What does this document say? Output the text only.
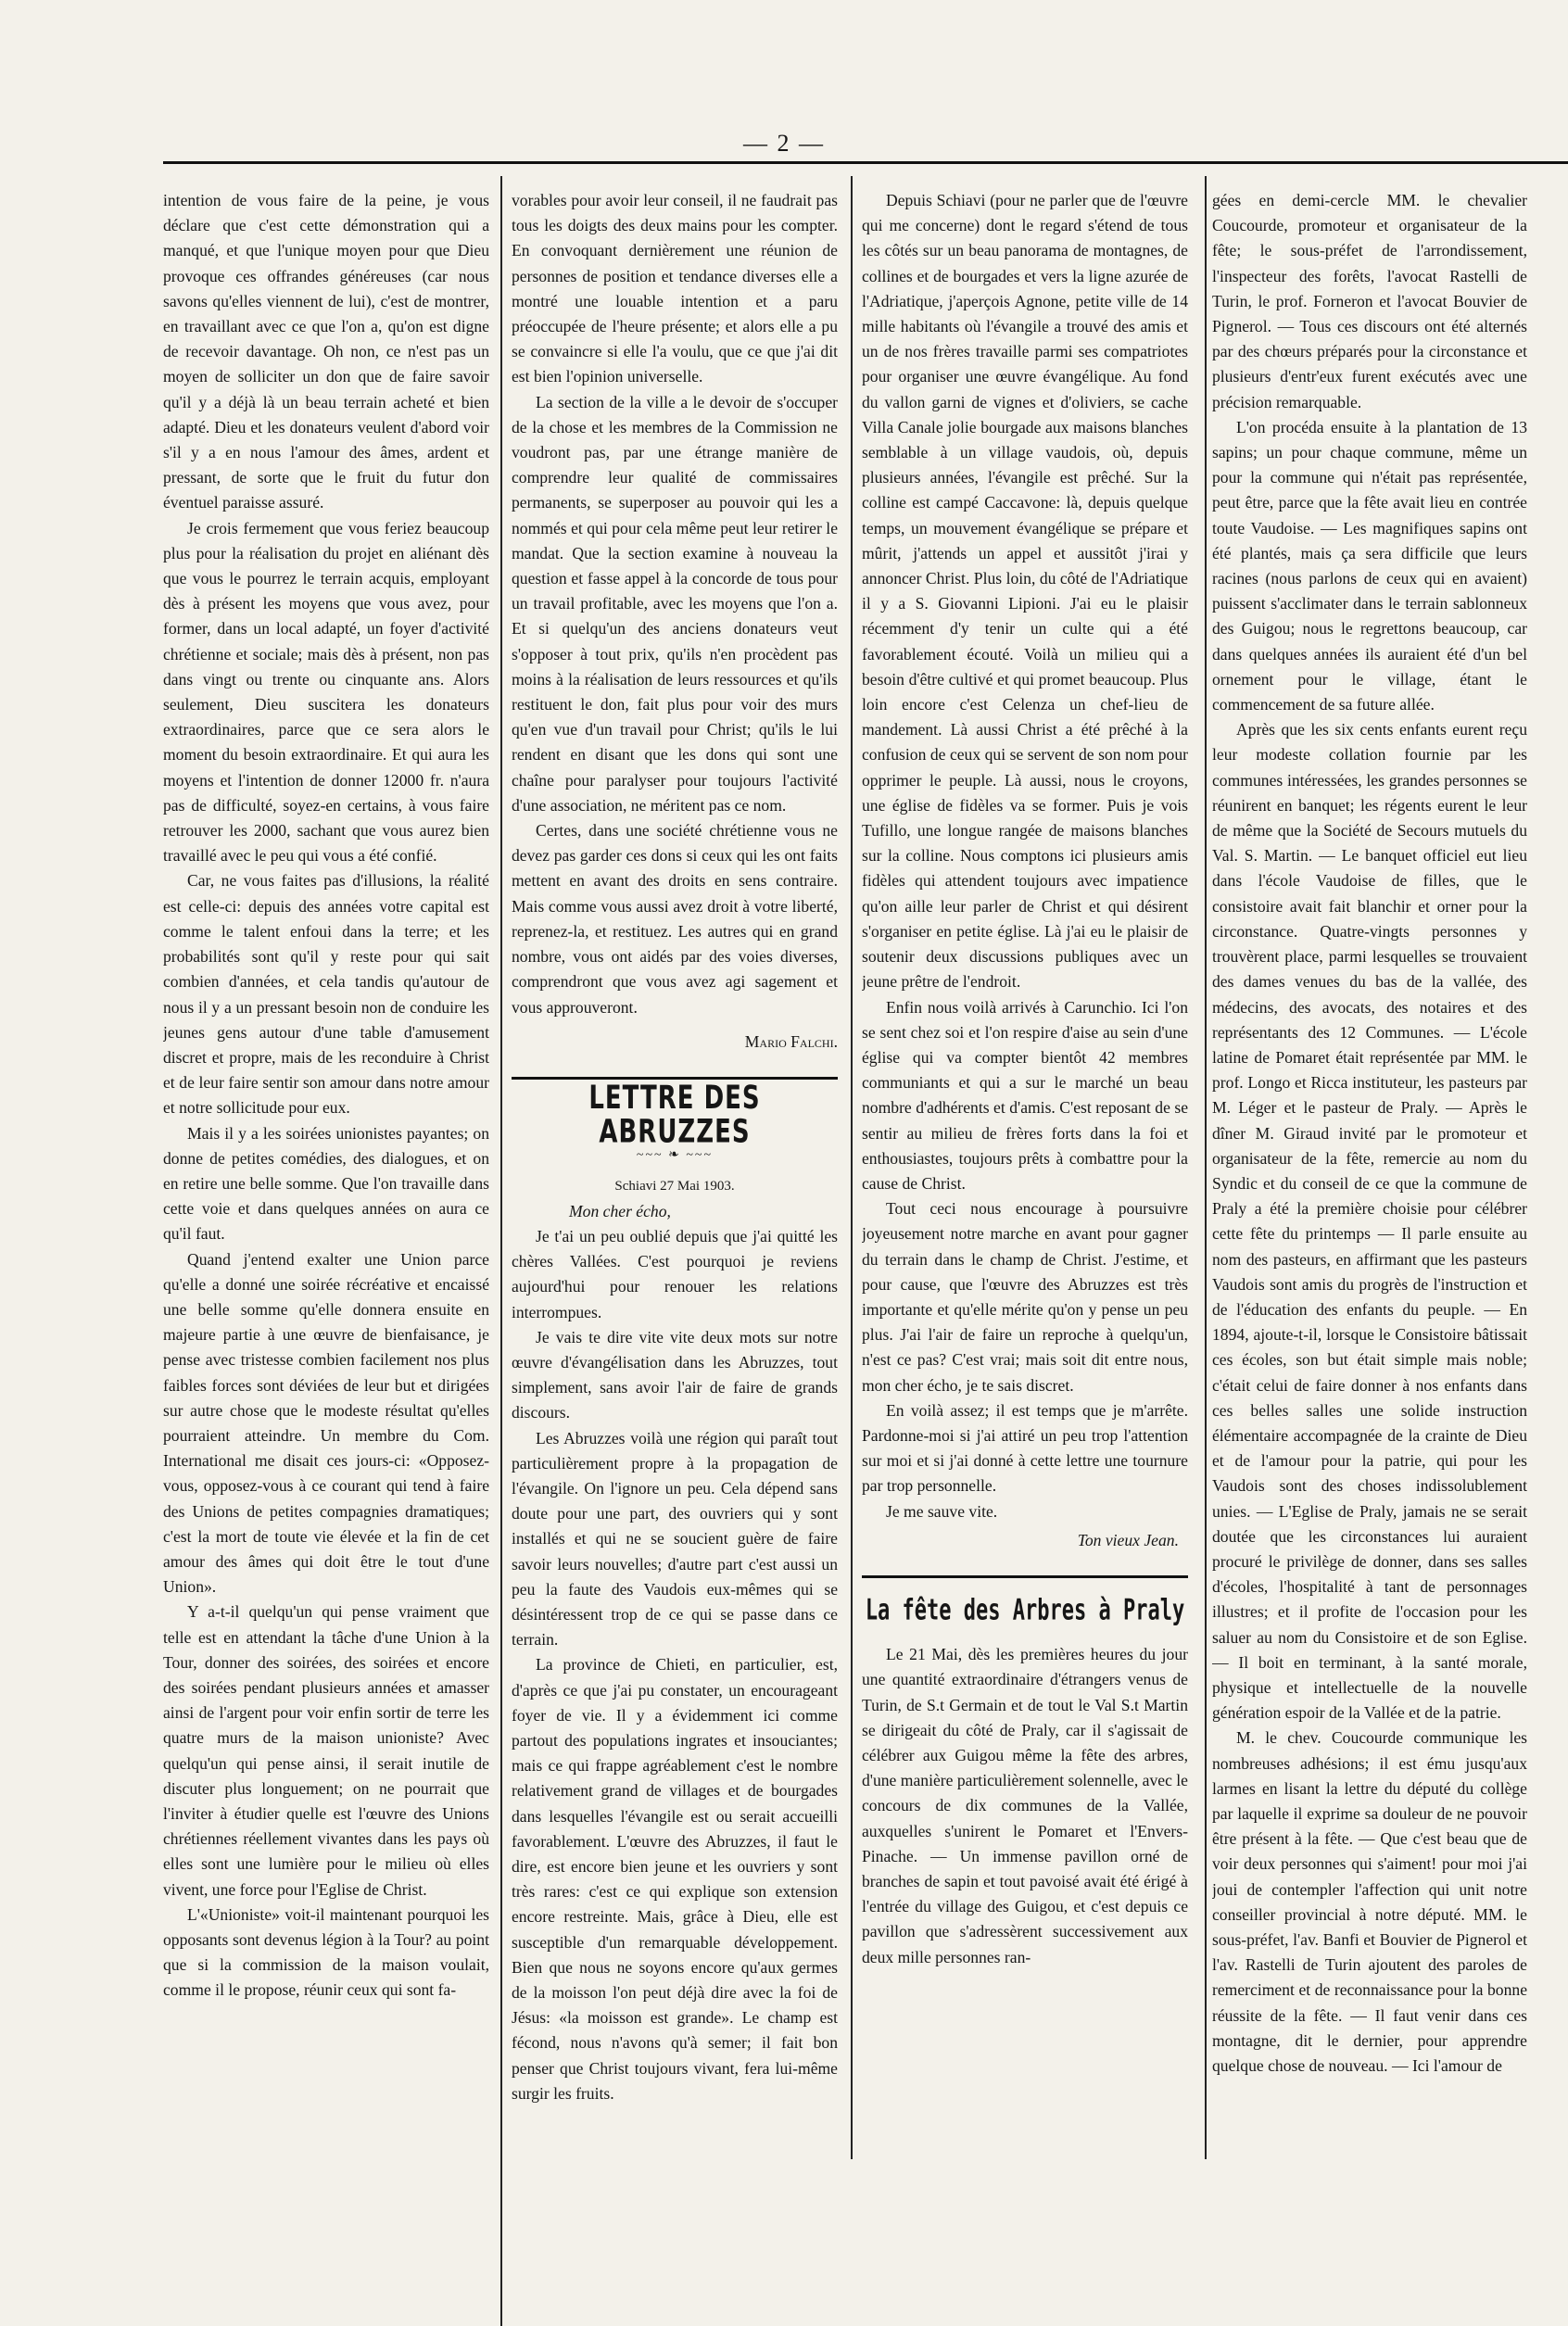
— 2 —

intention de vous faire de la peine, je vous déclare que c'est cette démonstration qui a manqué, et que l'unique moyen pour que Dieu provoque ces offrandes généreuses (car nous savons qu'elles viennent de lui), c'est de montrer, en travaillant avec ce que l'on a, qu'on est digne de recevoir davantage. Oh non, ce n'est pas un moyen de solliciter un don que de faire savoir qu'il y a déjà là un beau terrain acheté et bien adapté. Dieu et les donateurs veulent d'abord voir s'il y a en nous l'amour des âmes, ardent et pressant, de sorte que le fruit du futur don éventuel paraisse assuré.

Je crois fermement que vous feriez beaucoup plus pour la réalisation du projet en aliénant dès que vous le pourrez le terrain acquis, employant dès à présent les moyens que vous avez, pour former, dans un local adapté, un foyer d'activité chrétienne et sociale; mais dès à présent, non pas dans vingt ou trente ou cinquante ans. Alors seulement, Dieu suscitera les donateurs extraordinaires, parce que ce sera alors le moment du besoin extraordinaire. Et qui aura les moyens et l'intention de donner 12000 fr. n'aura pas de difficulté, soyez-en certains, à vous faire retrouver les 2000, sachant que vous aurez bien travaillé avec le peu qui vous a été confié.

Car, ne vous faites pas d'illusions, la réalité est celle-ci: depuis des années votre capital est comme le talent enfoui dans la terre; et les probabilités sont qu'il y reste pour qui sait combien d'années, et cela tandis qu'autour de nous il y a un pressant besoin non de conduire les jeunes gens autour d'une table d'amusement discret et propre, mais de les reconduire à Christ et de leur faire sentir son amour dans notre amour et notre sollicitude pour eux.

Mais il y a les soirées unionistes payantes; on donne de petites comédies, des dialogues, et on en retire une belle somme. Que l'on travaille dans cette voie et dans quelques années on aura ce qu'il faut.

Quand j'entend exalter une Union parce qu'elle a donné une soirée récréative et encaissé une belle somme qu'elle donnera ensuite en majeure partie à une œuvre de bienfaisance, je pense avec tristesse combien facilement nos plus faibles forces sont déviées de leur but et dirigées sur autre chose que le modeste résultat qu'elles pourraient atteindre. Un membre du Com. International me disait ces jours-ci: «Opposez-vous, opposez-vous à ce courant qui tend à faire des Unions de petites compagnies dramatiques; c'est la mort de toute vie élevée et la fin de cet amour des âmes qui doit être le tout d'une Union».

Y a-t-il quelqu'un qui pense vraiment que telle est en attendant la tâche d'une Union à la Tour, donner des soirées, des soirées et encore des soirées pendant plusieurs années et amasser ainsi de l'argent pour voir enfin sortir de terre les quatre murs de la maison unioniste? Avec quelqu'un qui pense ainsi, il serait inutile de discuter plus longuement; on ne pourrait que l'inviter à étudier quelle est l'œuvre des Unions chrétiennes réellement vivantes dans les pays où elles sont une lumière pour le milieu où elles vivent, une force pour l'Eglise de Christ.

L'«Unioniste» voit-il maintenant pourquoi les opposants sont devenus légion à la Tour? au point que si la commission de la maison voulait, comme il le propose, réunir ceux qui sont fa-

vorables pour avoir leur conseil, il ne faudrait pas tous les doigts des deux mains pour les compter. En convoquant dernièrement une réunion de personnes de position et tendance diverses elle a montré une louable intention et a paru préoccupée de l'heure présente; et alors elle a pu se convaincre si elle l'a voulu, que ce que j'ai dit est bien l'opinion universelle.

La section de la ville a le devoir de s'occuper de la chose et les membres de la Commission ne voudront pas, par une étrange manière de comprendre leur qualité de commissaires permanents, se superposer au pouvoir qui les a nommés et qui pour cela même peut leur retirer le mandat. Que la section examine à nouveau la question et fasse appel à la concorde de tous pour un travail profitable, avec les moyens que l'on a. Et si quelqu'un des anciens donateurs veut s'opposer à tout prix, qu'ils n'en procèdent pas moins à la réalisation de leurs ressources et qu'ils restituent le don, fait plus pour voir des murs qu'en vue d'un travail pour Christ; qu'ils le lui rendent en disant que les dons qui sont une chaîne pour paralyser pour toujours l'activité d'une association, ne méritent pas ce nom.

Certes, dans une société chrétienne vous ne devez pas garder ces dons si ceux qui les ont faits mettent en avant des droits en sens contraire. Mais comme vous aussi avez droit à votre liberté, reprenez-la, et restituez. Les autres qui en grand nombre, vous ont aidés par des voies diverses, comprendront que vous avez agi sagement et vous approuveront.

Mario Falchi.
LETTRE DES ABRUZZES
~~~ ❧ ~~~
Schiavi 27 Mai 1903.

Mon cher écho,

Je t'ai un peu oublié depuis que j'ai quitté les chères Vallées. C'est pourquoi je reviens aujourd'hui pour renouer les relations interrompues.

Je vais te dire vite vite deux mots sur notre œuvre d'évangélisation dans les Abruzzes, tout simplement, sans avoir l'air de faire de grands discours.

Les Abruzzes voilà une région qui paraît tout particulièrement propre à la propagation de l'évangile. On l'ignore un peu. Cela dépend sans doute pour une part, des ouvriers qui y sont installés et qui ne se soucient guère de faire savoir leurs nouvelles; d'autre part c'est aussi un peu la faute des Vaudois eux-mêmes qui se désintéressent trop de ce qui se passe dans ce terrain.

La province de Chieti, en particulier, est, d'après ce que j'ai pu constater, un encourageant foyer de vie. Il y a évidemment ici comme partout des populations ingrates et insouciantes; mais ce qui frappe agréablement c'est le nombre relativement grand de villages et de bourgades dans lesquelles l'évangile est ou serait accueilli favorablement. L'œuvre des Abruzzes, il faut le dire, est encore bien jeune et les ouvriers y sont très rares: c'est ce qui explique son extension encore restreinte. Mais, grâce à Dieu, elle est susceptible d'un remarquable développement. Bien que nous ne soyons encore qu'aux germes de la moisson l'on peut déjà dire avec la foi de Jésus: «la moisson est grande». Le champ est fécond, nous n'avons qu'à semer; il fait bon penser que Christ toujours vivant, fera lui-même surgir les fruits.

Depuis Schiavi (pour ne parler que de l'œuvre qui me concerne) dont le regard s'étend de tous les côtés sur un beau panorama de montagnes, de collines et de bourgades et vers la ligne azurée de l'Adriatique, j'aperçois Agnone, petite ville de 14 mille habitants où l'évangile a trouvé des amis et un de nos frères travaille parmi ses compatriotes pour organiser une œuvre évangélique. Au fond du vallon garni de vignes et d'oliviers, se cache Villa Canale jolie bourgade aux maisons blanches semblable à un village vaudois, où, depuis plusieurs années, l'évangile est prêché. Sur la colline est campé Caccavone: là, depuis quelque temps, un mouvement évangélique se prépare et mûrit, j'attends un appel et aussitôt j'irai y annoncer Christ. Plus loin, du côté de l'Adriatique il y a S. Giovanni Lipioni. J'ai eu le plaisir récemment d'y tenir un culte qui a été favorablement écouté. Voilà un milieu qui a besoin d'être cultivé et qui promet beaucoup. Plus loin encore c'est Celenza un chef-lieu de mandement. Là aussi Christ a été prêché à la confusion de ceux qui se servent de son nom pour opprimer le peuple. Là aussi, nous le croyons, une église de fidèles va se former. Puis je vois Tufillo, une longue rangée de maisons blanches sur la colline. Nous comptons ici plusieurs amis fidèles qui attendent toujours avec impatience qu'on aille leur parler de Christ et qui désirent s'organiser en petite église. Là j'ai eu le plaisir de soutenir deux discussions publiques avec un jeune prêtre de l'endroit.

Enfin nous voilà arrivés à Carunchio. Ici l'on se sent chez soi et l'on respire d'aise au sein d'une église qui va compter bientôt 42 membres communiants et qui a sur le marché un beau nombre d'adhérents et d'amis. C'est reposant de se sentir au milieu de frères forts dans la foi et enthousiastes, toujours prêts à combattre pour la cause de Christ.

Tout ceci nous encourage à poursuivre joyeusement notre marche en avant pour gagner du terrain dans le champ de Christ. J'estime, et pour cause, que l'œuvre des Abruzzes est très importante et qu'elle mérite qu'on y pense un peu plus. J'ai l'air de faire un reproche à quelqu'un, n'est ce pas? C'est vrai; mais soit dit entre nous, mon cher écho, je te sais discret.

En voilà assez; il est temps que je m'arrête. Pardonne-moi si j'ai attiré un peu trop l'attention sur moi et si j'ai donné à cette lettre une tournure par trop personnelle.

Je me sauve vite.

Ton vieux Jean.
La fête des Arbres à Praly

Le 21 Mai, dès les premières heures du jour une quantité extraordinaire d'étrangers venus de Turin, de S.t Germain et de tout le Val S.t Martin se dirigeait du côté de Praly, car il s'agissait de célébrer aux Guigou même la fête des arbres, d'une manière particulièrement solennelle, avec le concours de dix communes de la Vallée, auxquelles s'unirent le Pomaret et l'Envers-Pinache. — Un immense pavillon orné de branches de sapin et tout pavoisé avait été érigé à l'entrée du village des Guigou, et c'est depuis ce pavillon que s'adressèrent successivement aux deux mille personnes ran-

gées en demi-cercle MM. le chevalier Coucourde, promoteur et organisateur de la fête; le sous-préfet de l'arrondissement, l'inspecteur des forêts, l'avocat Rastelli de Turin, le prof. Forneron et l'avocat Bouvier de Pignerol. — Tous ces discours ont été alternés par des chœurs préparés pour la circonstance et plusieurs d'entr'eux furent exécutés avec une précision remarquable.

L'on procéda ensuite à la plantation de 13 sapins; un pour chaque commune, même un pour la commune qui n'était pas représentée, peut être, parce que la fête avait lieu en contrée toute Vaudoise. — Les magnifiques sapins ont été plantés, mais ça sera difficile que leurs racines (nous parlons de ceux qui en avaient) puissent s'acclimater dans le terrain sablonneux des Guigou; nous le regrettons beaucoup, car dans quelques années ils auraient été d'un bel ornement pour le village, étant le commencement de sa future allée.

Après que les six cents enfants eurent reçu leur modeste collation fournie par les communes intéressées, les grandes personnes se réunirent en banquet; les régents eurent le leur de même que la Société de Secours mutuels du Val. S. Martin. — Le banquet officiel eut lieu dans l'école Vaudoise de filles, que le consistoire avait fait blanchir et orner pour la circonstance. Quatre-vingts personnes y trouvèrent place, parmi lesquelles se trouvaient des dames venues du bas de la vallée, des médecins, des avocats, des notaires et des représentants des 12 Communes. — L'école latine de Pomaret était représentée par MM. le prof. Longo et Ricca instituteur, les pasteurs par M. Léger et le pasteur de Praly. — Après le dîner M. Giraud invité par le promoteur et organisateur de la fête, remercie au nom du Syndic et du conseil de ce que la commune de Praly a été la première choisie pour célébrer cette fête du printemps — Il parle ensuite au nom des pasteurs, en affirmant que les pasteurs Vaudois sont amis du progrès de l'instruction et de l'éducation des enfants du peuple. — En 1894, ajoute-t-il, lorsque le Consistoire bâtissait ces écoles, son but était simple mais noble; c'était celui de faire donner à nos enfants dans ces belles salles une solide instruction élémentaire accompagnée de la crainte de Dieu et de l'amour pour la patrie, qui pour les Vaudois sont des choses indissolublement unies. — L'Eglise de Praly, jamais ne se serait doutée que les circonstances lui auraient procuré le privilège de donner, dans ses salles d'écoles, l'hospitalité à tant de personnages illustres; et il profite de l'occasion pour les saluer au nom du Consistoire et de son Eglise. — Il boit en terminant, à la santé morale, physique et intellectuelle de la nouvelle génération espoir de la Vallée et de la patrie.

M. le chev. Coucourde communique les nombreuses adhésions; il est ému jusqu'aux larmes en lisant la lettre du député du collège par laquelle il exprime sa douleur de ne pouvoir être présent à la fête. — Que c'est beau que de voir deux personnes qui s'aiment! pour moi j'ai joui de contempler l'affection qui unit notre conseiller provincial à notre député. MM. le sous-préfet, l'av. Banfi et Bouvier de Pignerol et l'av. Rastelli de Turin ajoutent des paroles de remerciment et de reconnaissance pour la bonne réussite de la fête. — Il faut venir dans ces montagne, dit le dernier, pour apprendre quelque chose de nouveau. — Ici l'amour de
